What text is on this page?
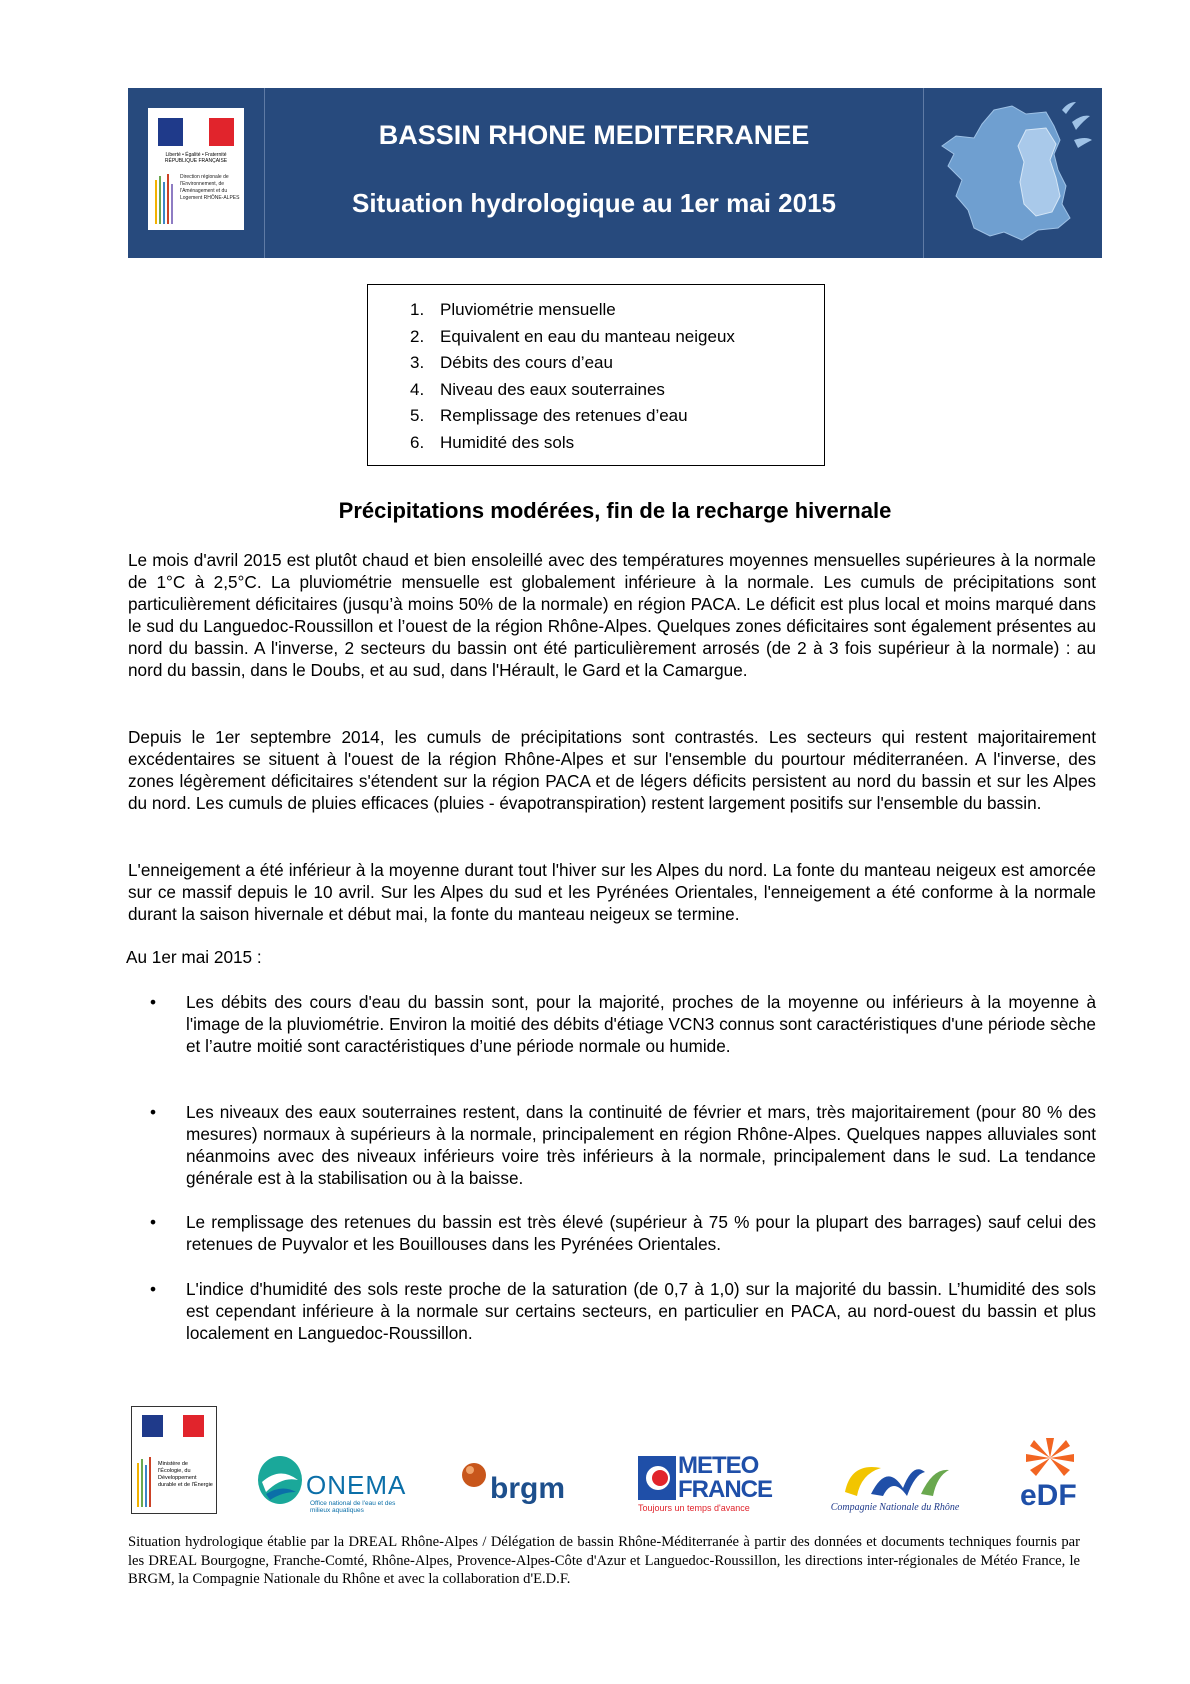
Liberté • Égalité • Fraternité RÉPUBLIQUE FRANÇAISE
Direction régionale de l'Environnement, de l'Aménagement et du Logement RHÔNE-ALPES
BASSIN RHONE MEDITERRANEE
Situation hydrologique au 1er mai 2015
1. Pluviométrie mensuelle
2. Equivalent en eau du manteau neigeux
3. Débits des cours d’eau
4. Niveau des eaux souterraines
5. Remplissage des retenues d’eau
6. Humidité des sols
Précipitations modérées, fin de la recharge hivernale

Le mois d'avril 2015 est plutôt chaud et bien ensoleillé avec des températures moyennes mensuelles supérieures à la normale de 1°C à 2,5°C. La pluviométrie mensuelle est globalement inférieure à la normale. Les cumuls de précipitations sont particulièrement déficitaires (jusqu’à moins 50% de la normale) en région PACA. Le déficit est plus local et moins marqué dans le sud du Languedoc-Roussillon et l’ouest de la région Rhône-Alpes. Quelques zones déficitaires sont également présentes au nord du bassin. A l'inverse, 2 secteurs du bassin ont été particulièrement arrosés (de 2 à 3 fois supérieur à la normale) : au nord du bassin, dans le Doubs, et au sud, dans l'Hérault, le Gard et la Camargue.

Depuis le 1er septembre 2014, les cumuls de précipitations sont contrastés. Les secteurs qui restent majoritairement excédentaires se situent à l'ouest de la région Rhône-Alpes et sur l'ensemble du pourtour méditerranéen. A l'inverse, des zones légèrement déficitaires s'étendent sur la région PACA et de légers déficits persistent au nord du bassin et sur les Alpes du nord. Les cumuls de pluies efficaces (pluies - évapotranspiration) restent largement positifs sur l'ensemble du bassin.

L'enneigement a été inférieur à la moyenne durant tout l'hiver sur les Alpes du nord. La fonte du manteau neigeux est amorcée sur ce massif depuis le 10 avril. Sur les Alpes du sud et les Pyrénées Orientales, l'enneigement a été conforme à la normale durant la saison hivernale et début mai, la fonte du manteau neigeux se termine.

Au 1er mai 2015 :

• Les débits des cours d'eau du bassin sont, pour la majorité, proches de la moyenne ou inférieurs à la moyenne à l'image de la pluviométrie. Environ la moitié des débits d'étiage VCN3 connus sont caractéristiques d'une période sèche et l’autre moitié sont caractéristiques d’une période normale ou humide.

• Les niveaux des eaux souterraines restent, dans la continuité de février et mars, très majoritairement (pour 80 % des mesures) normaux à supérieurs à la normale, principalement en région Rhône-Alpes. Quelques nappes alluviales sont néanmoins avec des niveaux inférieurs voire très inférieurs à la normale, principalement dans le sud. La tendance générale est à la stabilisation ou à la baisse.

• Le remplissage des retenues du bassin est très élevé (supérieur à 75 % pour la plupart des barrages) sauf celui des retenues de Puyvalor et les Bouillouses dans les Pyrénées Orientales.

• L'indice d'humidité des sols reste proche de la saturation (de 0,7 à 1,0) sur la majorité du bassin. L’humidité des sols est cependant inférieure à la normale sur certains secteurs, en particulier en PACA, au nord-ouest du bassin et plus localement en Languedoc-Roussillon.

Ministère de l'Écologie, du Développement durable et de l'Énergie	ONEMA
Office national de l'eau et des milieux aquatiques
brgm
METEO
FRANCE
Toujours un temps d'avance	Compagnie Nationale du Rhône	eDF

Situation hydrologique établie par la DREAL Rhône-Alpes / Délégation de bassin Rhône-Méditerranée à partir des données et documents techniques fournis par les DREAL Bourgogne, Franche-Comté, Rhône-Alpes, Provence-Alpes-Côte d'Azur et Languedoc-Roussillon, les directions inter-régionales de Météo France, le BRGM, la Compagnie Nationale du Rhône et avec la collaboration d'E.D.F.
